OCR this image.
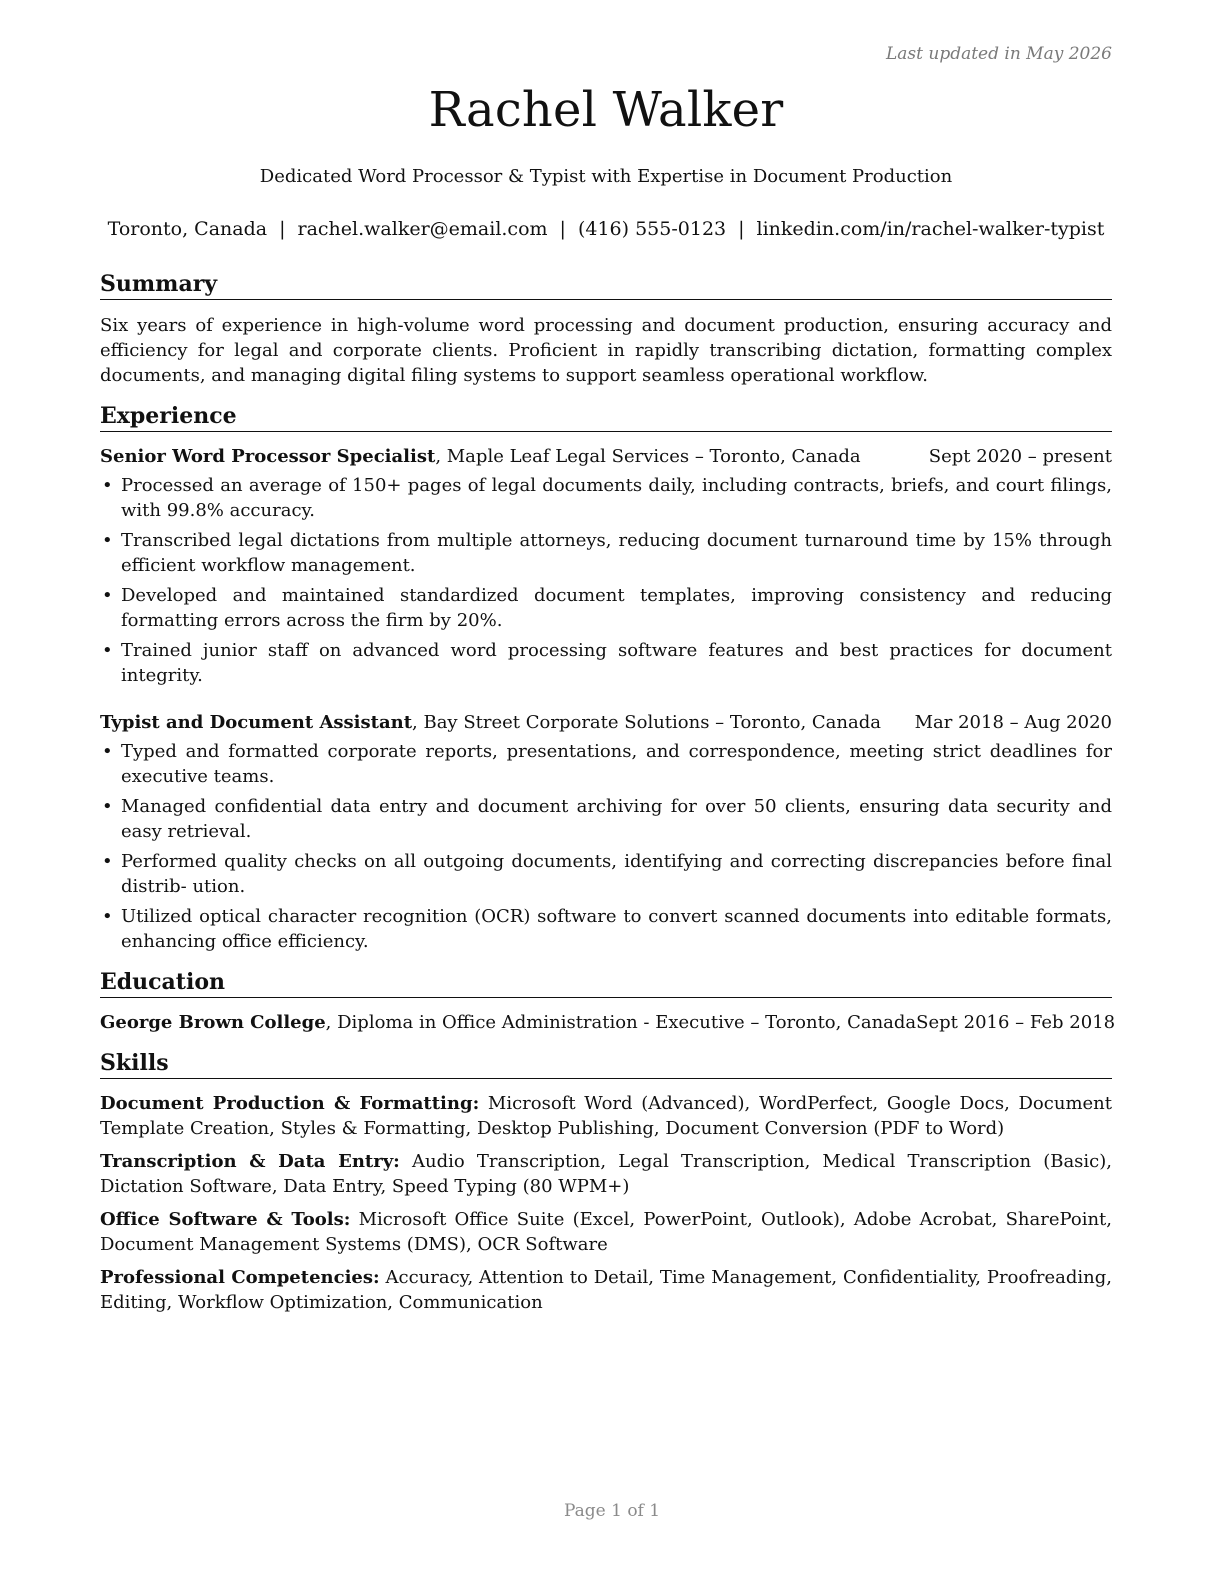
Last updated in May 2026
Rachel Walker
Dedicated Word Processor & Typist with Expertise in Document Production
Toronto, Canada | rachel.walker@email.com | (416) 555-0123 | linkedin.com/in/rachel-walker-typist
Summary

Six years of experience in high-volume word processing and document production, ensuring accuracy and efficiency for legal and corporate clients. Proficient in rapidly transcribing dictation, formatting complex documents, and managing digital filing systems to support seamless operational workflow.

Experience
Senior Word Processor Specialist, Maple Leaf Legal Services – Toronto, Canada	Sept 2020 – present
• Processed an average of 150+ pages of legal documents daily, including contracts, briefs, and court filings, with 99.8% accuracy.
• Transcribed legal dictations from multiple attorneys, reducing document turnaround time by 15% through efficient workflow management.
• Developed and maintained standardized document templates, improving consistency and reducing formatting errors across the firm by 20%.
• Trained junior staff on advanced word processing software features and best practices for document integrity.
Typist and Document Assistant, Bay Street Corporate Solutions – Toronto, Canada Mar 2018 – Aug 2020
• Typed and formatted corporate reports, presentations, and correspondence, meeting strict deadlines for executive teams.
• Managed confidential data entry and document archiving for over 50 clients, ensuring data security and easy retrieval.
• Performed quality checks on all outgoing documents, identifying and correcting discrepancies before final distrib- ution.
• Utilized optical character recognition (OCR) software to convert scanned documents into editable formats, enhancing office efficiency.
Education
George Brown College, Diploma in Office Administration - Executive – Toronto, Canada Sept 2016 – Feb 2018
Skills
Document Production & Formatting: Microsoft Word (Advanced), WordPerfect, Google Docs, Document Template Creation, Styles & Formatting, Desktop Publishing, Document Conversion (PDF to Word)
Transcription & Data Entry: Audio Transcription, Legal Transcription, Medical Transcription (Basic), Dictation Software, Data Entry, Speed Typing (80 WPM+)
Office Software & Tools: Microsoft Office Suite (Excel, PowerPoint, Outlook), Adobe Acrobat, SharePoint, Document Management Systems (DMS), OCR Software
Professional Competencies: Accuracy, Attention to Detail, Time Management, Confidentiality, Proofreading, Editing, Workflow Optimization, Communication
Page 1 of 1
